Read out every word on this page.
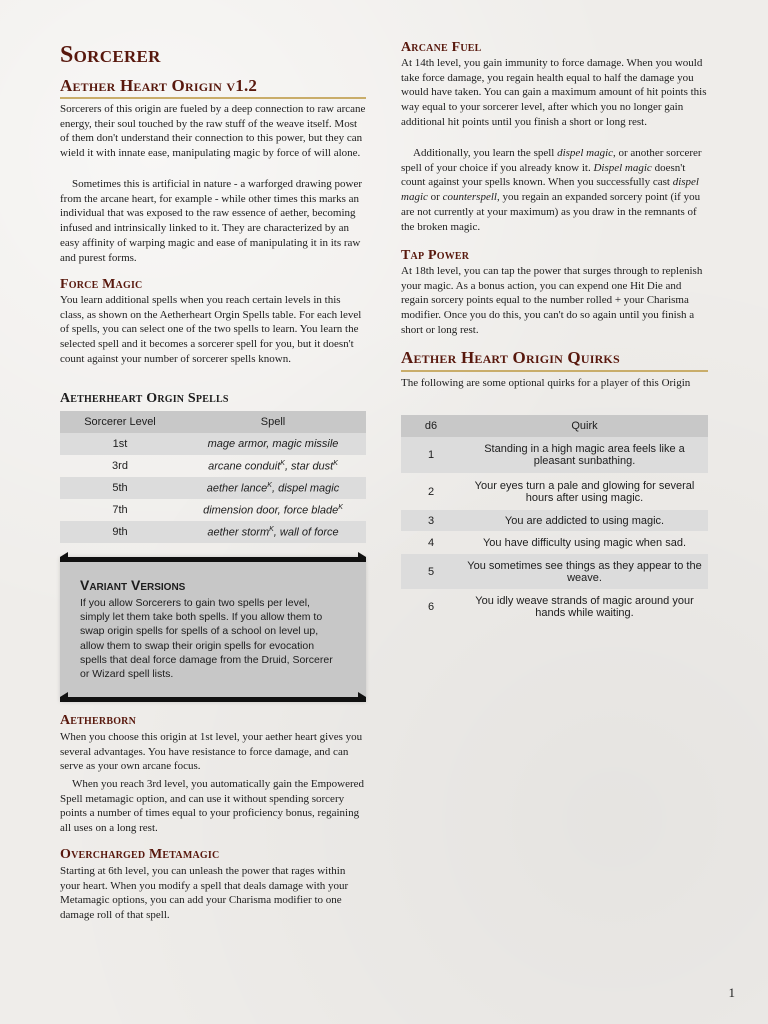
Sorcerer
Aether Heart Origin v1.2

Sorcerers of this origin are fueled by a deep connection to raw arcane energy, their soul touched by the raw stuff of the weave itself. Most of them don't understand their connection to this power, but they can wield it with innate ease, manipulating magic by force of will alone.

Sometimes this is artificial in nature - a warforged drawing power from the arcane heart, for example - while other times this marks an individual that was exposed to the raw essence of aether, becoming infused and intrinsically linked to it. They are characterized by an easy affinity of warping magic and ease of manipulating it in its raw and purest forms.

Force Magic

You learn additional spells when you reach certain levels in this class, as shown on the Aetherheart Orgin Spells table. For each level of spells, you can select one of the two spells to learn. You learn the selected spell and it becomes a sorcerer spell for you, but it doesn't count against your number of sorcerer spells known.

Aetherheart Orgin Spells
Sorcerer Level	Spell
1st	mage armor, magic missile
3rd	arcane conduit$^K$, star dust$^K$
5th	aether lance$^K$, dispel magic
7th	dimension door, force blade$^K$
9th	aether storm$^K$, wall of force
Variant Versions

If you allow Sorcerers to gain two spells per level, simply let them take both spells. If you allow them to swap origin spells for spells of a school on level up, allow them to swap their origin spells for evocation spells that deal force damage from the Druid, Sorcerer or Wizard spell lists.

Aetherborn

When you choose this origin at 1st level, your aether heart gives you several advantages. You have resistance to force damage, and can serve as your own arcane focus.

When you reach 3rd level, you automatically gain the Empowered Spell metamagic option, and can use it without spending sorcery points a number of times equal to your proficiency bonus, regaining all uses on a long rest.

Overcharged Metamagic

Starting at 6th level, you can unleash the power that rages within your heart. When you modify a spell that deals damage with your Metamagic options, you can add your Charisma modifier to one damage roll of that spell.

Arcane Fuel

At 14th level, you gain immunity to force damage. When you would take force damage, you regain health equal to half the damage you would have taken. You can gain a maximum amount of hit points this way equal to your sorcerer level, after which you no longer gain additional hit points until you finish a short or long rest.

Additionally, you learn the spell dispel magic, or another sorcerer spell of your choice if you already know it. Dispel magic doesn't count against your spells known. When you successfully cast dispel magic or counterspell, you regain an expanded sorcery point (if you are not currently at your maximum) as you draw in the remnants of the broken magic.

Tap Power

At 18th level, you can tap the power that surges through to replenish your magic. As a bonus action, you can expend one Hit Die and regain sorcery points equal to the number rolled + your Charisma modifier. Once you do this, you can't do so again until you finish a short or long rest.

Aether Heart Origin Quirks

The following are some optional quirks for a player of this Origin

d6	Quirk
1	Standing in a high magic area feels like a pleasant sunbathing.
2	Your eyes turn a pale and glowing for several hours after using magic.
3	You are addicted to using magic.
4	You have difficulty using magic when sad.
5	You sometimes see things as they appear to the weave.
6	You idly weave strands of magic around your hands while waiting.
1
